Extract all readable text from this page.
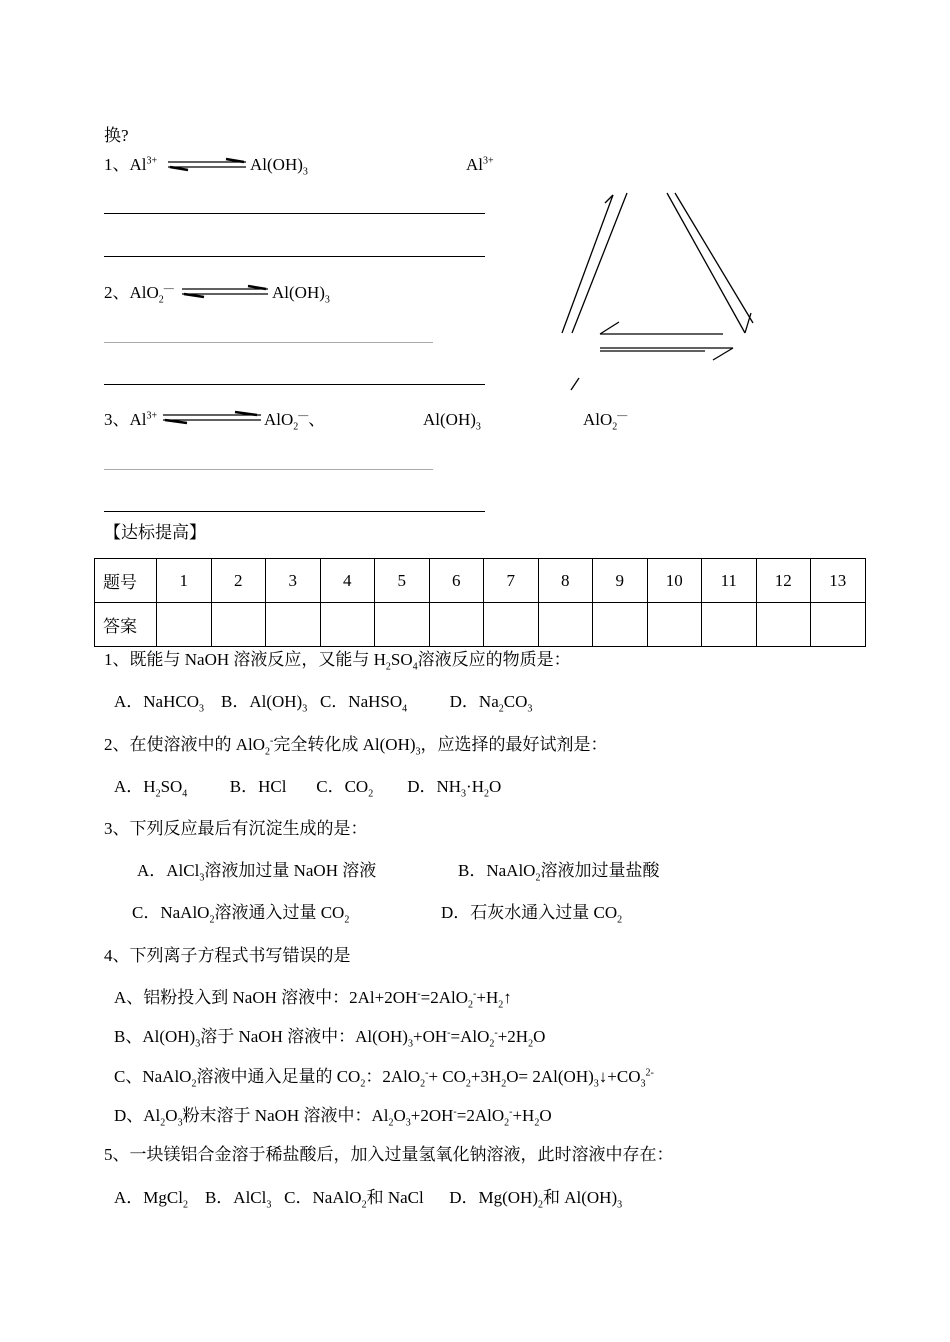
换?
1、$Al^{3+}$	$Al(OH)_3$	$Al^{3+}$
2、AlO$_2$—	$Al(OH)_3$
3、$Al^{3+}$	AlO$_2$—、	$Al(OH)_3$	AlO$_2$—
【达标提高】
题号	1	2	3	4	5	6	7	8	9	10	11	12	13
答案													
1、既能与 NaOH 溶液反应，又能与 $H_2SO_4$溶液反应的物质是：
A．NaHCO$_3$    B．$Al(OH)_3$   C．NaHSO$_4$          D．$Na_2CO_3$
2、在使溶液中的 AlO$_2$-完全转化成 $Al(OH)_3$，应选择的最好试剂是：
A．$H_2SO_4$          B．HCl       C．$CO_2$        D．$NH_3\cdot H_2O$
3、下列反应最后有沉淀生成的是：
A．AlCl$_3$溶液加过量 NaOH 溶液	B．NaAlO$_2$溶液加过量盐酸
C．NaAlO$_2$溶液通入过量 $CO_2$	D．石灰水通入过量 $CO_2$
4、下列离子方程式书写错误的是
A、铝粉投入到 NaOH 溶液中：$2Al+2OH^-=2AlO_2^-+H_2↑$
B、$Al(OH)_3$溶于 NaOH 溶液中：$Al(OH)_3+OH^-=AlO_2^-+2H_2O$
C、NaAlO$_2$溶液中通入足量的 $CO_2$：$2AlO_2^-+ CO_2+3H_2O=$ $2Al(OH)_3↓+CO_3^{2-}$
D、$Al_2O_3$粉末溶于 NaOH 溶液中：$Al_2O_3+2OH^-=2AlO_2^-+H_2O$
5、一块镁铝合金溶于稀盐酸后，加入过量氢氧化钠溶液，此时溶液中存在：
A．MgCl$_2$    B．AlCl$_3$   C．NaAlO$_2$和 NaCl      D．$Mg(OH)_2$和 $Al(OH)_3$
